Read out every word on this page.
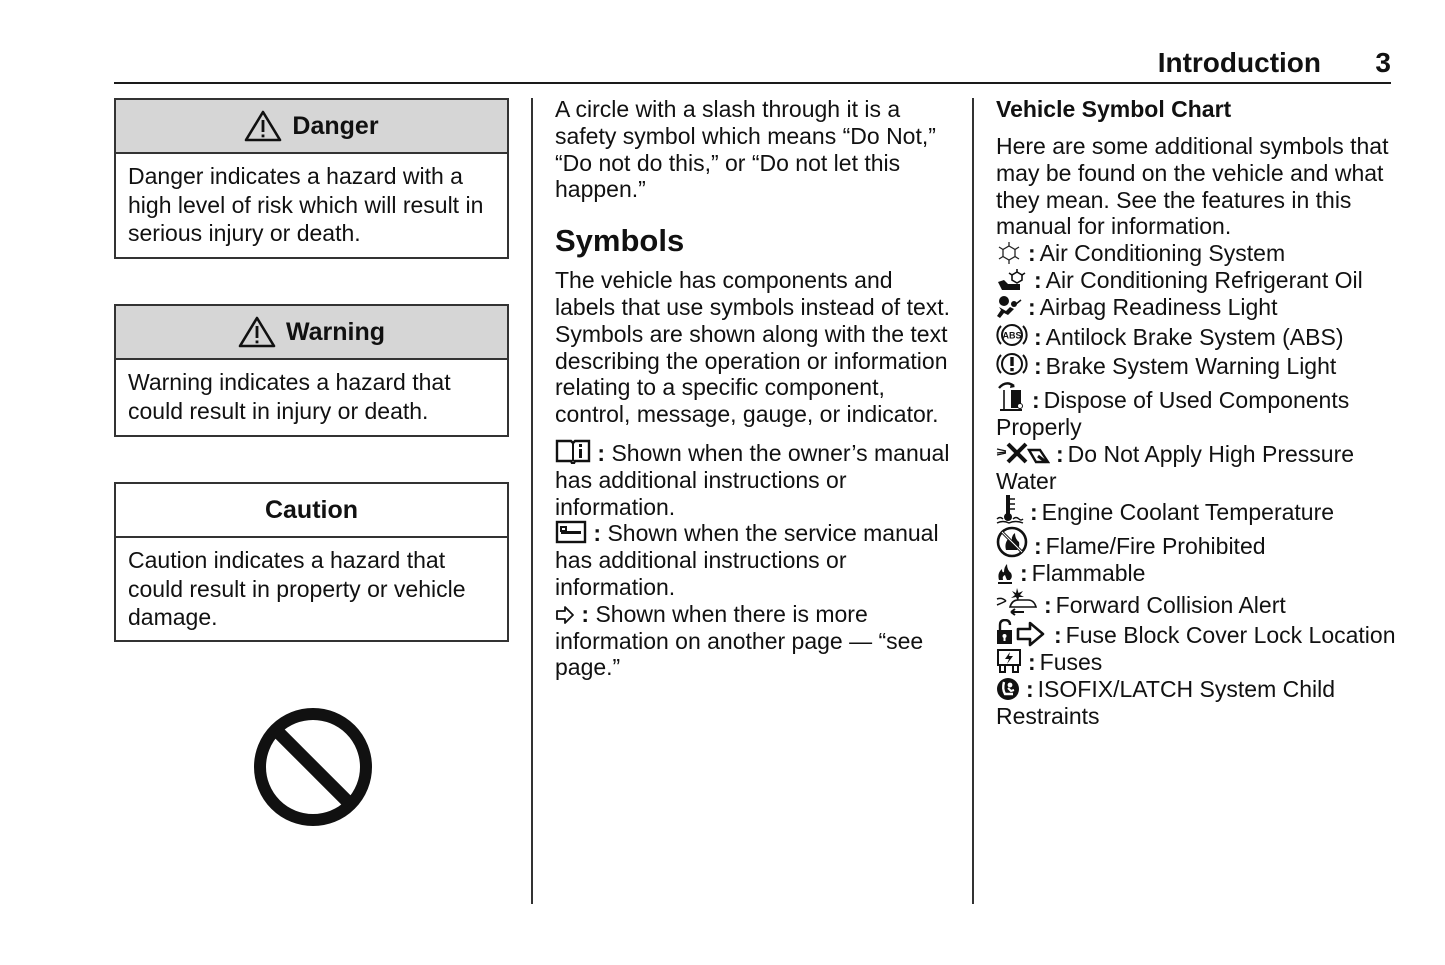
Introduction 3
Danger
Danger indicates a hazard with a high level of risk which will result in serious injury or death.
Warning
Warning indicates a hazard that could result in injury or death.
Caution
Caution indicates a hazard that could result in property or vehicle damage.

A circle with a slash through it is a safety symbol which means “Do Not,” “Do not do this,” or “Do not let this happen.”

Symbols

The vehicle has components and labels that use symbols instead of text. Symbols are shown along with the text describing the operation or information relating to a specific component, control, message, gauge, or indicator.

: Shown when the owner’s manual has additional instructions or information.

: Shown when the service manual has additional instructions or information.

: Shown when there is more information on another page — “see page.”

Vehicle Symbol Chart

Here are some additional symbols that may be found on the vehicle and what they mean. See the features in this manual for information.

: Air Conditioning System

: Air Conditioning Refrigerant Oil

: Airbag Readiness Light

ABS : Antilock Brake System (ABS)

: Brake System Warning Light

: Dispose of Used Components Properly

: Do Not Apply High Pressure Water

: Engine Coolant Temperature

: Flame/Fire Prohibited

: Flammable

: Forward Collision Alert

: Fuse Block Cover Lock Location

: Fuses

: ISOFIX/LATCH System Child Restraints
